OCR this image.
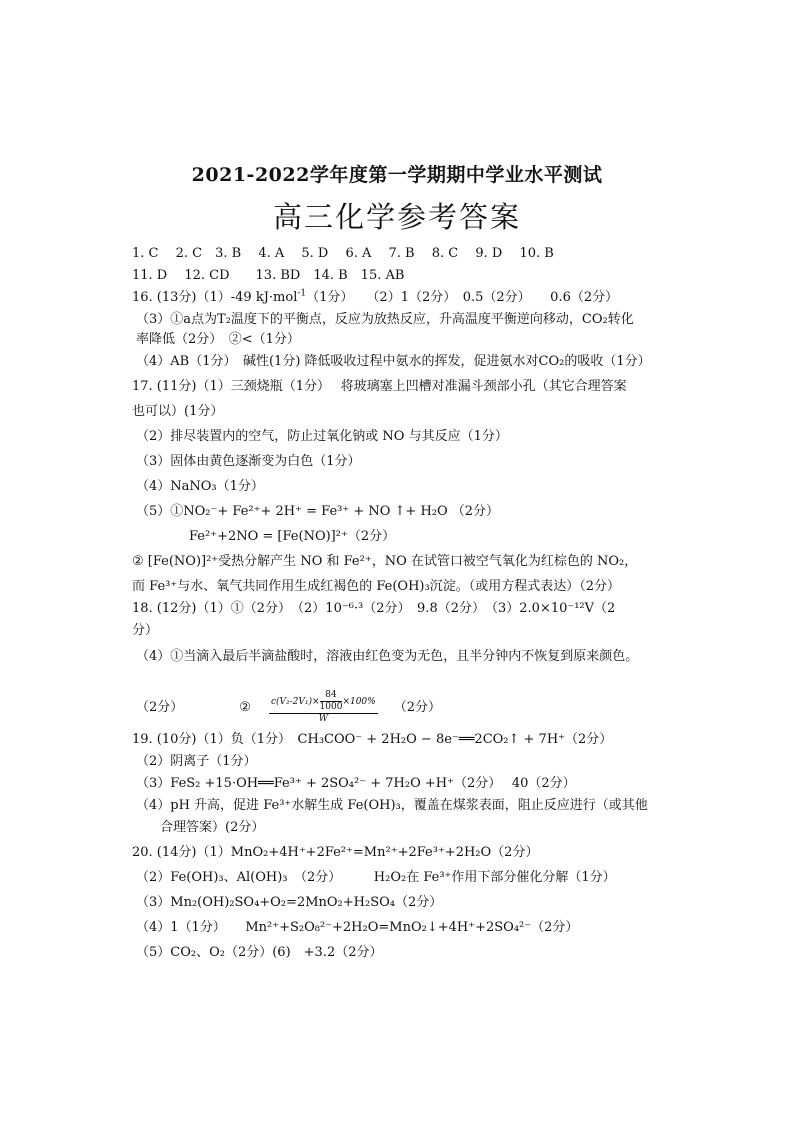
2021-2022学年度第一学期期中学业水平测试
高三化学参考答案
1. C　 2. C　3. B　 4. A　 5. D　 6. A　 7. B　 8. C　 9. D　 10. B
11. D　 12. CD　　13. BD　14. B　15. AB
16. (13分)（1）-49 kJ·mol$^{-1}$（1分）　　（2）1（2分）　0.5（2分）　　0.6（2分）
（3）①a点为T₂温度下的平衡点，反应为放热反应，升高温度平衡逆向移动，CO₂转化
率降低（2分）　②<（1分）
（4）AB（1分）　碱性(1分) 降低吸收过程中氨水的挥发，促进氨水对CO₂的吸收（1分）
17. (11分)（1）三颈烧瓶（1分）　 将玻璃塞上凹槽对准漏斗颈部小孔（其它合理答案
也可以）(1分）
（2）排尽装置内的空气，防止过氧化钠或 NO 与其反应（1分）
（3）固体由黄色逐渐变为白色（1分）
（4）NaNO₃（1分）
（5）①NO₂⁻+ Fe²⁺+ 2H⁺ = Fe³⁺ + NO ↑+ H₂O （2分）
Fe²⁺+2NO = [Fe(NO)]²⁺（2分）
② [Fe(NO)]²⁺受热分解产生 NO 和 Fe²⁺，NO 在试管口被空气氧化为红棕色的 NO₂，
而 Fe³⁺与水、氧气共同作用生成红褐色的 Fe(OH)₃沉淀。（或用方程式表达）（2分）
18. (12分)（1）①（2分）　（2）10⁻⁶·³（2分）　9.8（2分）　（3）2.0×10⁻¹²V（2
分）
（4）①当滴入最后半滴盐酸时，溶液由红色变为无色，且半分钟内不恢复到原来颜色。
（2分）	② $\frac{c(V_2-2V_1)\times \frac{84}{1000} \times 100\%}{W} (2$分）
19. (10分)（1）负（1分）　CH₃COO⁻ + 2H₂O − 8e⁻══2CO₂↑ + 7H⁺（2分）
（2）阴离子（1分）
（3）FeS₂ +15·OH══Fe³⁺ + 2SO₄²⁻ + 7H₂O +H⁺（2分）　 40（2分）
（4）pH 升高，促进 Fe³⁺水解生成 Fe(OH)₃，覆盖在煤浆表面，阻止反应进行（或其他
合理答案）(2分）
20. (14分)（1）MnO₂+4H⁺+2Fe²⁺=Mn²⁺+2Fe³⁺+2H₂O（2分）
（2）Fe(OH)₃、Al(OH)₃　（2分）　　　H₂O₂在 Fe³⁺作用下部分催化分解（1分）
（3）Mn₂(OH)₂SO₄+O₂=2MnO₂+H₂SO₄（2分）
（4）1（1分）　　Mn²⁺+S₂O₈²⁻+2H₂O=MnO₂↓+4H⁺+2SO₄²⁻（2分）
（5）CO₂、O₂（2分）(6)　+3.2（2分）
